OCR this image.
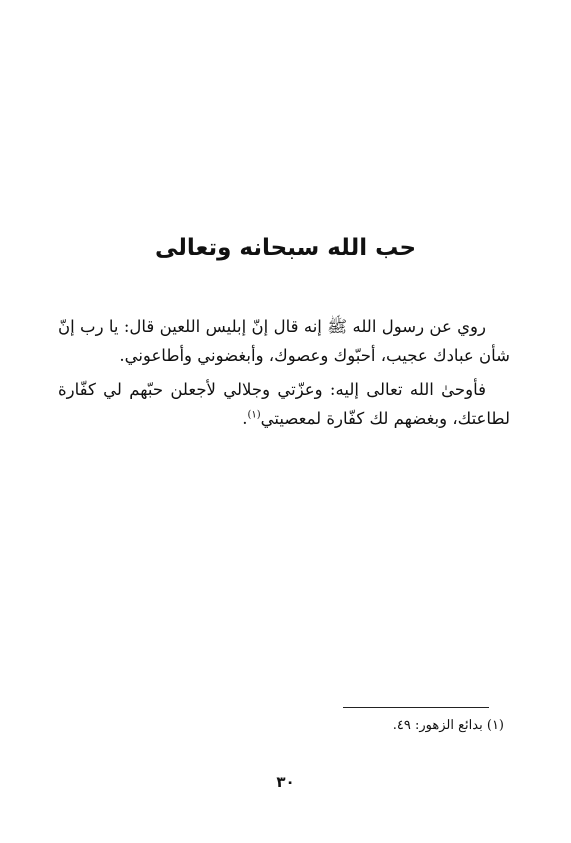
حب الله سبحانه وتعالى

روي عن رسول الله ﷺ إنه قال إنّ إبليس اللعين قال: يا رب إنّ شأن عبادك عجيب، أحبّوك وعصوك، وأبغضوني وأطاعوني.

فأوحىٰ الله تعالى إليه: وعزّتي وجلالي لأجعلن حبّهم لي كفّارة لطاعتك، وبغضهم لك كفّارة لمعصيتي$^{(١)}$.

(١) بدائع الزهور: ٤٩.
٣٠
